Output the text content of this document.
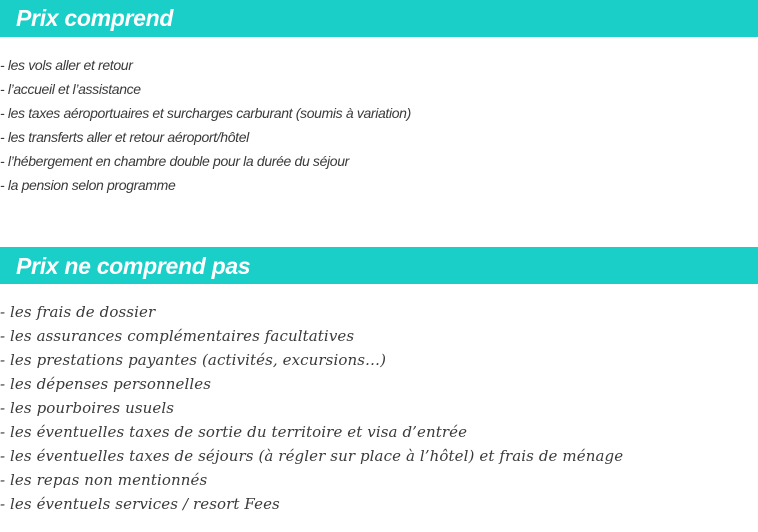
Prix comprend
- les vols aller et retour
- l’accueil et l’assistance
- les taxes aéroportuaires et surcharges carburant (soumis à variation)
- les transferts aller et retour aéroport/hôtel
- l’hébergement en chambre double pour la durée du séjour
- la pension selon programme
Prix ne comprend pas
- les frais de dossier
- les assurances complémentaires facultatives
- les prestations payantes (activités, excursions…)
- les dépenses personnelles
- les pourboires usuels
- les éventuelles taxes de sortie du territoire et visa d’entrée
- les éventuelles taxes de séjours (à régler sur place à l’hôtel) et frais de ménage
- les repas non mentionnés
- les éventuels services / resort Fees
